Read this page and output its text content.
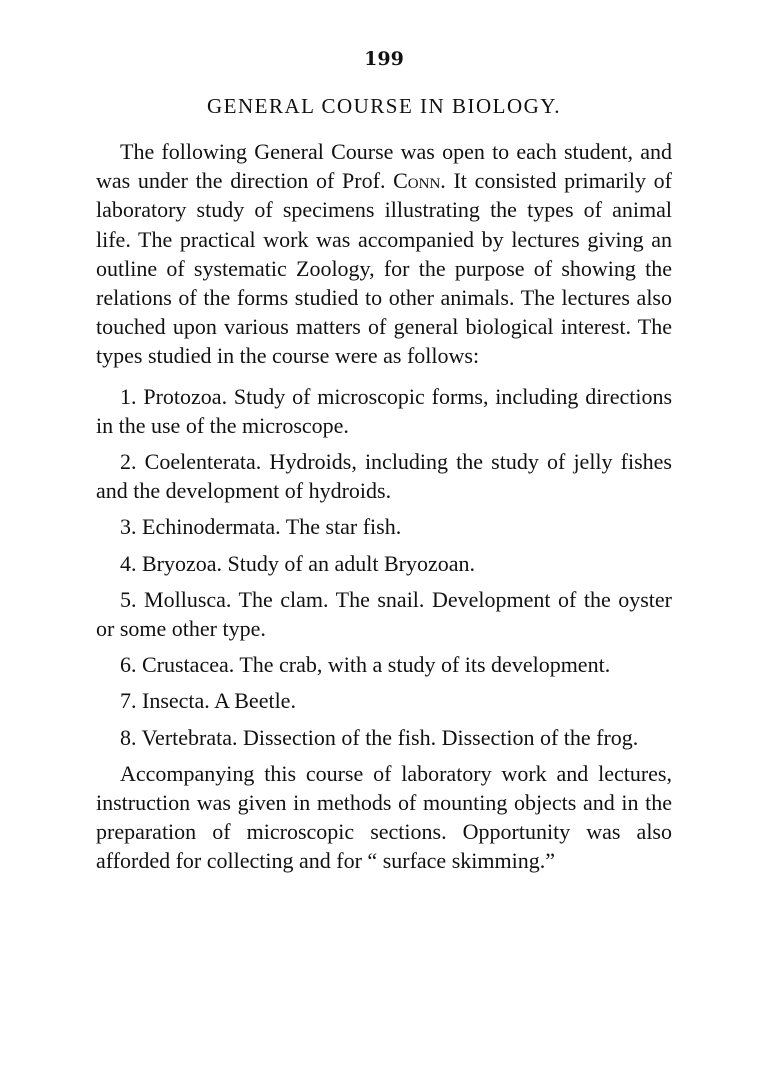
199
GENERAL COURSE IN BIOLOGY.

The following General Course was open to each student, and was under the direction of Prof. Conn. It consisted primarily of laboratory study of specimens illustrating the types of animal life. The practical work was accompanied by lectures giving an outline of systematic Zoology, for the purpose of showing the relations of the forms studied to other animals. The lectures also touched upon various matters of general biological interest. The types studied in the course were as follows:

1. Protozoa. Study of microscopic forms, including directions in the use of the microscope.

2. Coelenterata. Hydroids, including the study of jelly fishes and the development of hydroids.

3. Echinodermata. The star fish.

4. Bryozoa. Study of an adult Bryozoan.

5. Mollusca. The clam. The snail. Development of the oyster or some other type.

6. Crustacea. The crab, with a study of its development.

7. Insecta. A Beetle.

8. Vertebrata. Dissection of the fish. Dissection of the frog.

Accompanying this course of laboratory work and lectures, instruction was given in methods of mounting objects and in the preparation of microscopic sections. Opportunity was also afforded for collecting and for “ surface skimming.”
